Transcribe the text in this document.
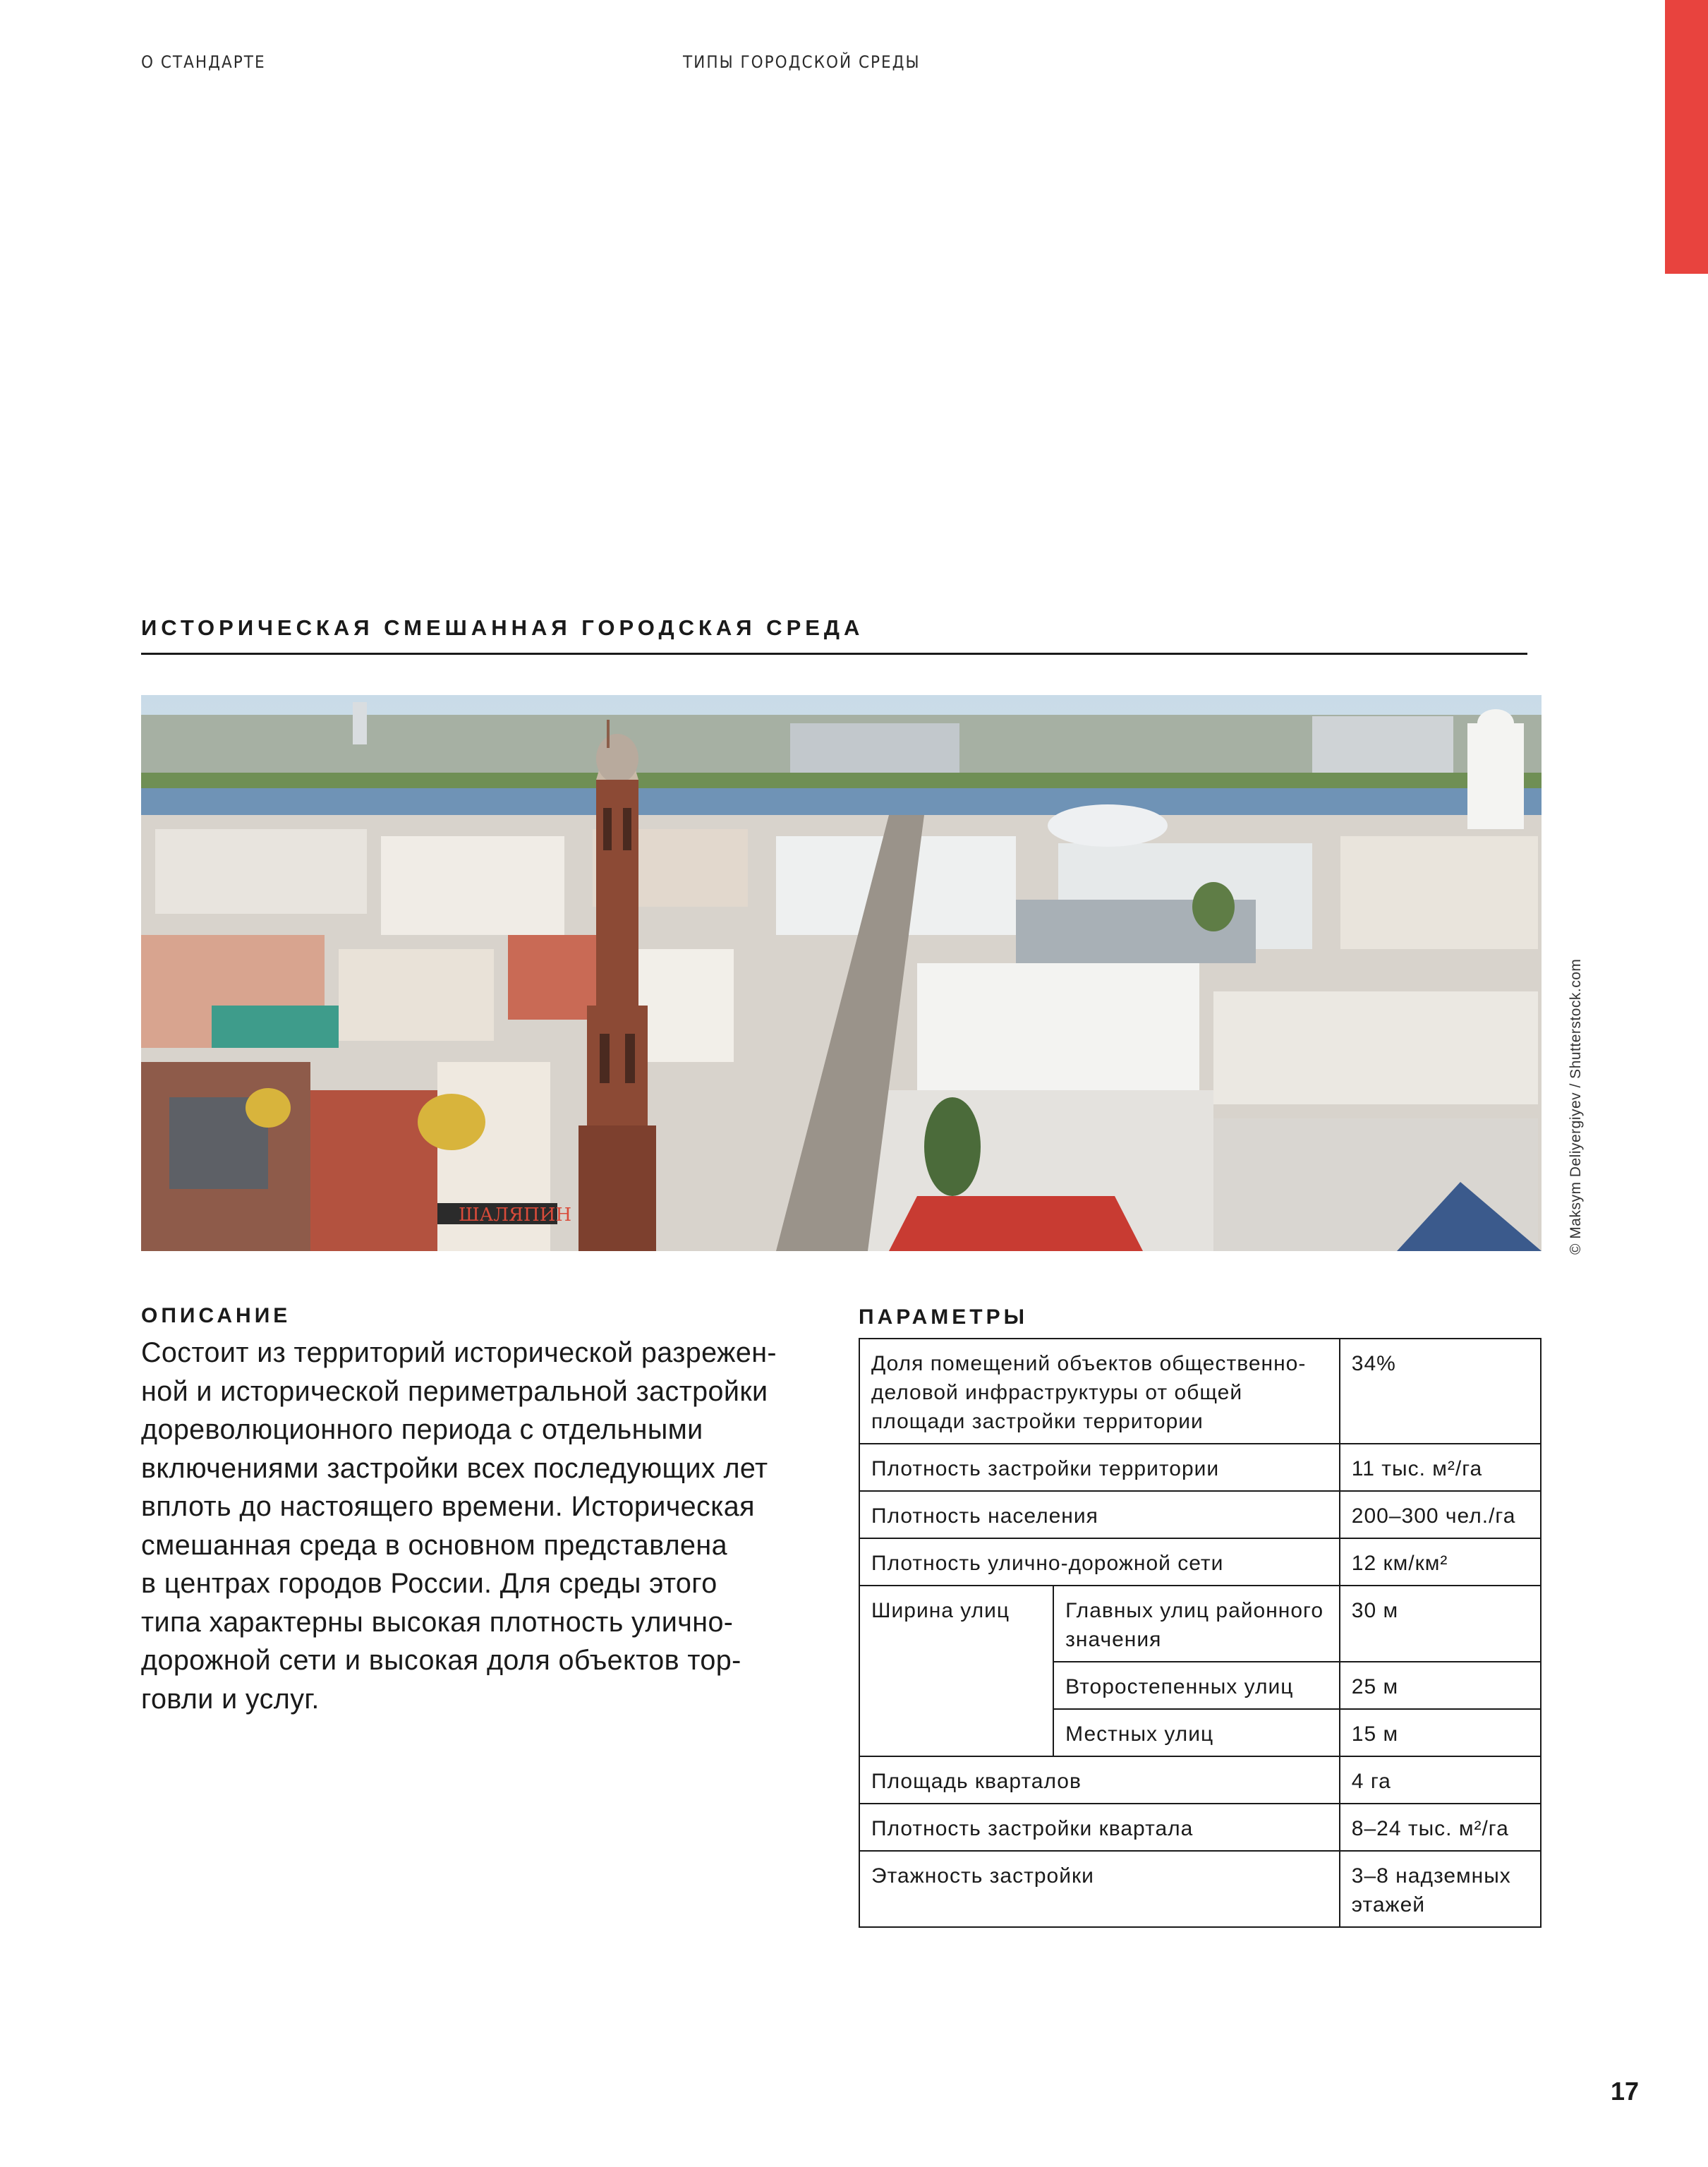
О СТАНДАРТЕ	ТИПЫ ГОРОДСКОЙ СРЕДЫ
ИСТОРИЧЕСКАЯ СМЕШАННАЯ ГОРОДСКАЯ СРЕДА
ШАЛЯПИН	© Maksym Deliyergiyev / Shutterstock.com
ОПИСАНИЕ
Состоит из территорий исторической разрежен-
ной и исторической периметральной застройки
дореволюционного периода с отдельными
включениями застройки всех последующих лет
вплоть до настоящего времени. Историческая
смешанная среда в основном представлена
в центрах городов России. Для среды этого
типа характерны высокая плотность улично-
дорожной сети и высокая доля объектов тор-
говли и услуг.
ПАРАМЕТРЫ
Доля помещений объектов общественно-деловой инфраструктуры от общей площади застройки территории		34%
Плотность застройки территории		11 тыс. м²/га
Плотность населения		200–300 чел./га
Плотность улично-дорожной сети		12 км/км²
Ширина улиц	Главных улиц районного значения	30 м
	Второстепенных улиц	25 м
	Местных улиц	15 м
Площадь кварталов		4 га
Плотность застройки квартала		8–24 тыс. м²/га
Этажность застройки		3–8 надземных этажей
17
